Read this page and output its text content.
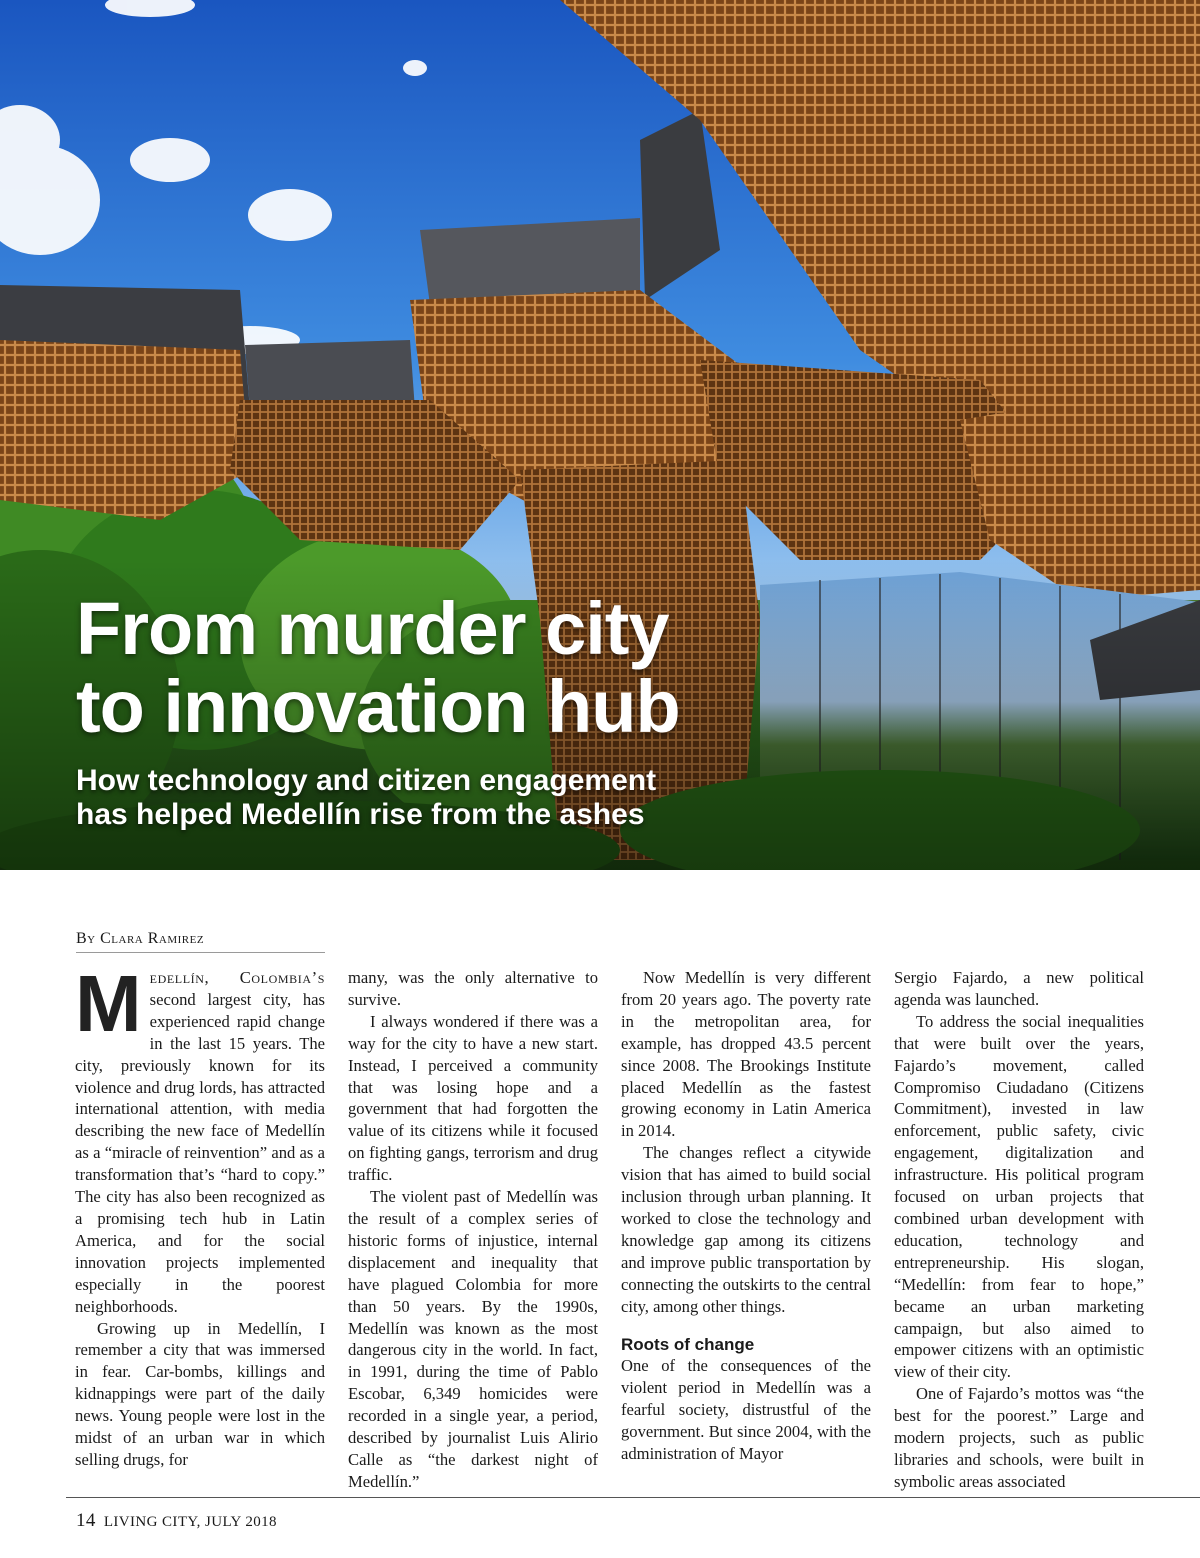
From murder city
to innovation hub
How technology and citizen engagement
has helped Medellín rise from the ashes
By Clara Ramirez

Medellín, Colombia’s second largest city, has experienced rapid change in the last 15 years. The city, previously known for its violence and drug lords, has attracted international attention, with media describing the new face of Medellín as a “miracle of reinvention” and as a transformation that’s “hard to copy.” The city has also been recognized as a promising tech hub in Latin America, and for the social innovation projects implemented especially in the poorest neighborhoods.

Growing up in Medellín, I remember a city that was immersed in fear. Car-bombs, killings and kidnappings were part of the daily news. Young people were lost in the midst of an urban war in which selling drugs, for

many, was the only alternative to survive.

I always wondered if there was a way for the city to have a new start. Instead, I perceived a community that was losing hope and a government that had forgotten the value of its citizens while it focused on fighting gangs, terrorism and drug traffic.

The violent past of Medellín was the result of a complex series of historic forms of injustice, internal displacement and inequality that have plagued Colombia for more than 50 years. By the 1990s, Medellín was known as the most dangerous city in the world. In fact, in 1991, during the time of Pablo Escobar, 6,349 homicides were recorded in a single year, a period, described by journalist Luis Alirio Calle as “the darkest night of Medellín.”

Now Medellín is very different from 20 years ago. The poverty rate in the metropolitan area, for example, has dropped 43.5 percent since 2008. The Brookings Institute placed Medellín as the fastest growing economy in Latin America in 2014.

The changes reflect a citywide vision that has aimed to build social inclusion through urban planning. It worked to close the technology and knowledge gap among its citizens and improve public transportation by connecting the outskirts to the central city, among other things.

Roots of change

One of the consequences of the violent period in Medellín was a fearful society, distrustful of the government. But since 2004, with the administration of Mayor

Sergio Fajardo, a new political agenda was launched.

To address the social inequalities that were built over the years, Fajardo’s movement, called Compromiso Ciudadano (Citizens Commitment), invested in law enforcement, public safety, civic engagement, digitalization and infrastructure. His political program focused on urban projects that combined urban development with education, technology and entrepreneurship. His slogan, “Medellín: from fear to hope,” became an urban marketing campaign, but also aimed to empower citizens with an optimistic view of their city.

One of Fajardo’s mottos was “the best for the poorest.” Large and modern projects, such as public libraries and schools, were built in symbolic areas associated

14 LIVING CITY, JULY 2018
